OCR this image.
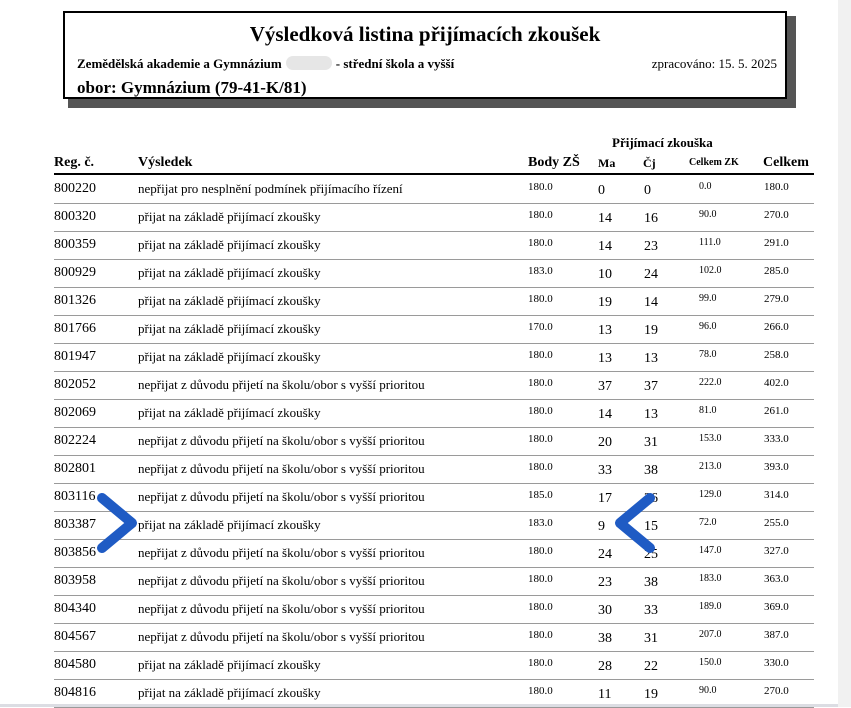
Výsledková listina přijímacích zkoušek
Zemědělská akademie a Gymnázium	- střední škola a vyšší	zpracováno: 15. 5. 2025
obor: Gymnázium (79-41-K/81)
Přijímací zkouška
Reg. č.	Výsledek	Body ZŠ Ma Čj	Celkem ZK Celkem
800220	nepřijat pro nesplnění podmínek přijímacího řízení	180.0	0	0	0.0	180.0
800320	přijat na základě přijímací zkoušky	180.0	14 16	90.0	270.0
800359	přijat na základě přijímací zkoušky	180.0	14 23	111.0	291.0
800929	přijat na základě přijímací zkoušky	183.0	10 24	102.0	285.0
801326	přijat na základě přijímací zkoušky	180.0	19 14	99.0	279.0
801766	přijat na základě přijímací zkoušky	170.0	13 19	96.0	266.0
801947	přijat na základě přijímací zkoušky	180.0	13 13	78.0	258.0
802052	nepřijat z důvodu přijetí na školu/obor s vyšší prioritou	180.0	37 37	222.0	402.0
802069	přijat na základě přijímací zkoušky	180.0	14 13	81.0	261.0
802224	nepřijat z důvodu přijetí na školu/obor s vyšší prioritou	180.0	20 31	153.0	333.0
802801	nepřijat z důvodu přijetí na školu/obor s vyšší prioritou	180.0	33 38	213.0	393.0
803116	nepřijat z důvodu přijetí na školu/obor s vyšší prioritou	185.0	17 26	129.0	314.0
803387	přijat na základě přijímací zkoušky	183.0	9	15	72.0	255.0
803856	nepřijat z důvodu přijetí na školu/obor s vyšší prioritou	180.0	24 25	147.0	327.0
803958	nepřijat z důvodu přijetí na školu/obor s vyšší prioritou	180.0	23 38	183.0	363.0
804340	nepřijat z důvodu přijetí na školu/obor s vyšší prioritou	180.0	30 33	189.0	369.0
804567	nepřijat z důvodu přijetí na školu/obor s vyšší prioritou	180.0	38 31	207.0	387.0
804580	přijat na základě přijímací zkoušky	180.0	28 22	150.0	330.0
804816	přijat na základě přijímací zkoušky	180.0	11 19	90.0	270.0
